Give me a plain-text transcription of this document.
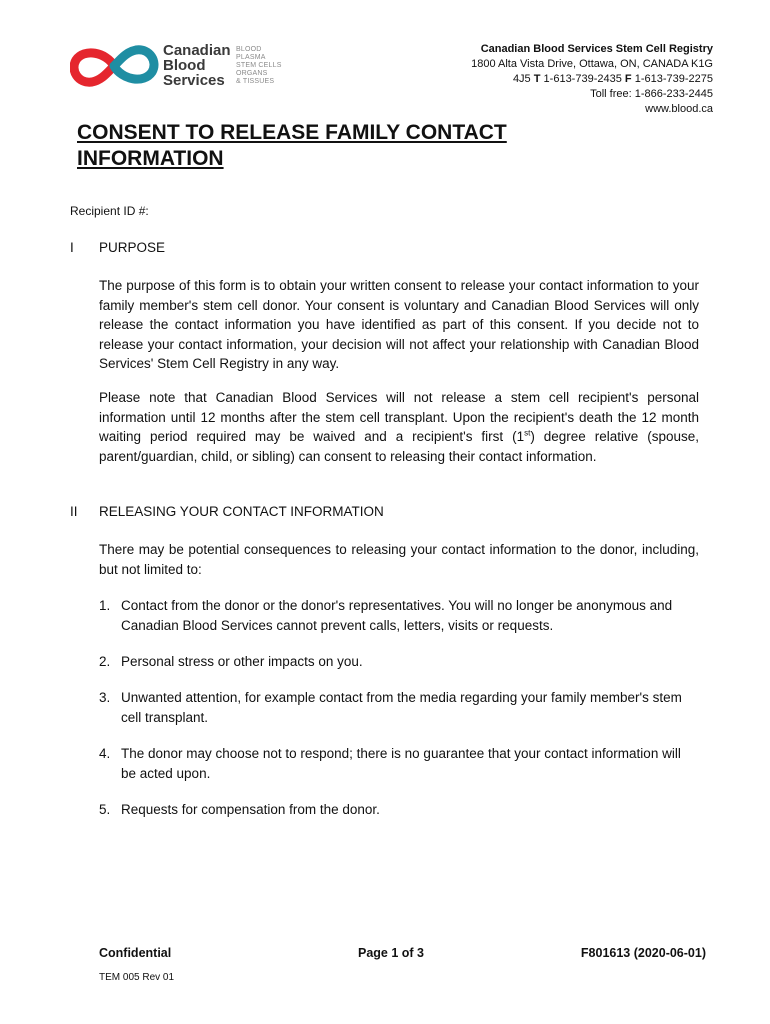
Canadian
Blood
Services
BLOOD
PLASMA
STEM CELLS
ORGANS
& TISSUES
Canadian Blood Services Stem Cell Registry
1800 Alta Vista Drive, Ottawa, ON, CANADA K1G
4J5 T 1-613-739-2435 F 1-613-739-2275
Toll free: 1-866-233-2445
www.blood.ca
CONSENT TO RELEASE FAMILY CONTACT
INFORMATION
Recipient ID #:
I PURPOSE
The purpose of this form is to obtain your written consent to release your contact information to your family member's stem cell donor. Your consent is voluntary and Canadian Blood Services will only release the contact information you have identified as part of this consent. If you decide not to release your contact information, your decision will not affect your relationship with Canadian Blood Services' Stem Cell Registry in any way.
Please note that Canadian Blood Services will not release a stem cell recipient's personal information until 12 months after the stem cell transplant. Upon the recipient's death the 12 month waiting period required may be waived and a recipient's first (1st) degree relative (spouse, parent/guardian, child, or sibling) can consent to releasing their contact information.
II RELEASING YOUR CONTACT INFORMATION
There may be potential consequences to releasing your contact information to the donor, including, but not limited to:
1. Contact from the donor or the donor's representatives. You will no longer be anonymous and Canadian Blood Services cannot prevent calls, letters, visits or requests.
2. Personal stress or other impacts on you.
3. Unwanted attention, for example contact from the media regarding your family member's stem cell transplant.
4. The donor may choose not to respond; there is no guarantee that your contact information will be acted upon.
5. Requests for compensation from the donor.
Confidential	Page 1 of 3	F801613 (2020-06-01)
TEM 005 Rev 01
